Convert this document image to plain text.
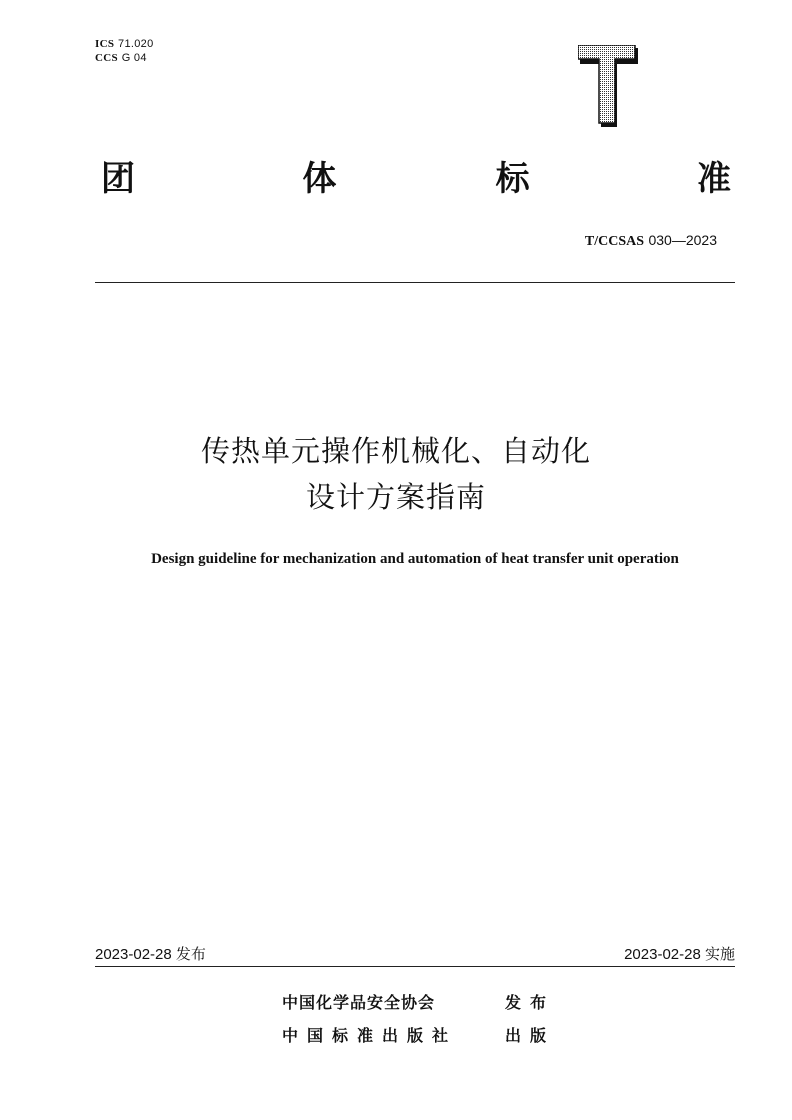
ICS 71.020
CCS G 04
团	体	标	准
T/CCSAS 030—2023
传热单元操作机械化、自动化
设计方案指南
Design guideline for mechanization and automation of heat transfer unit operation
2023-02-28 发布	2023-02-28 实施
中国化学品安全协会	发布
中国标准出版社	出版
